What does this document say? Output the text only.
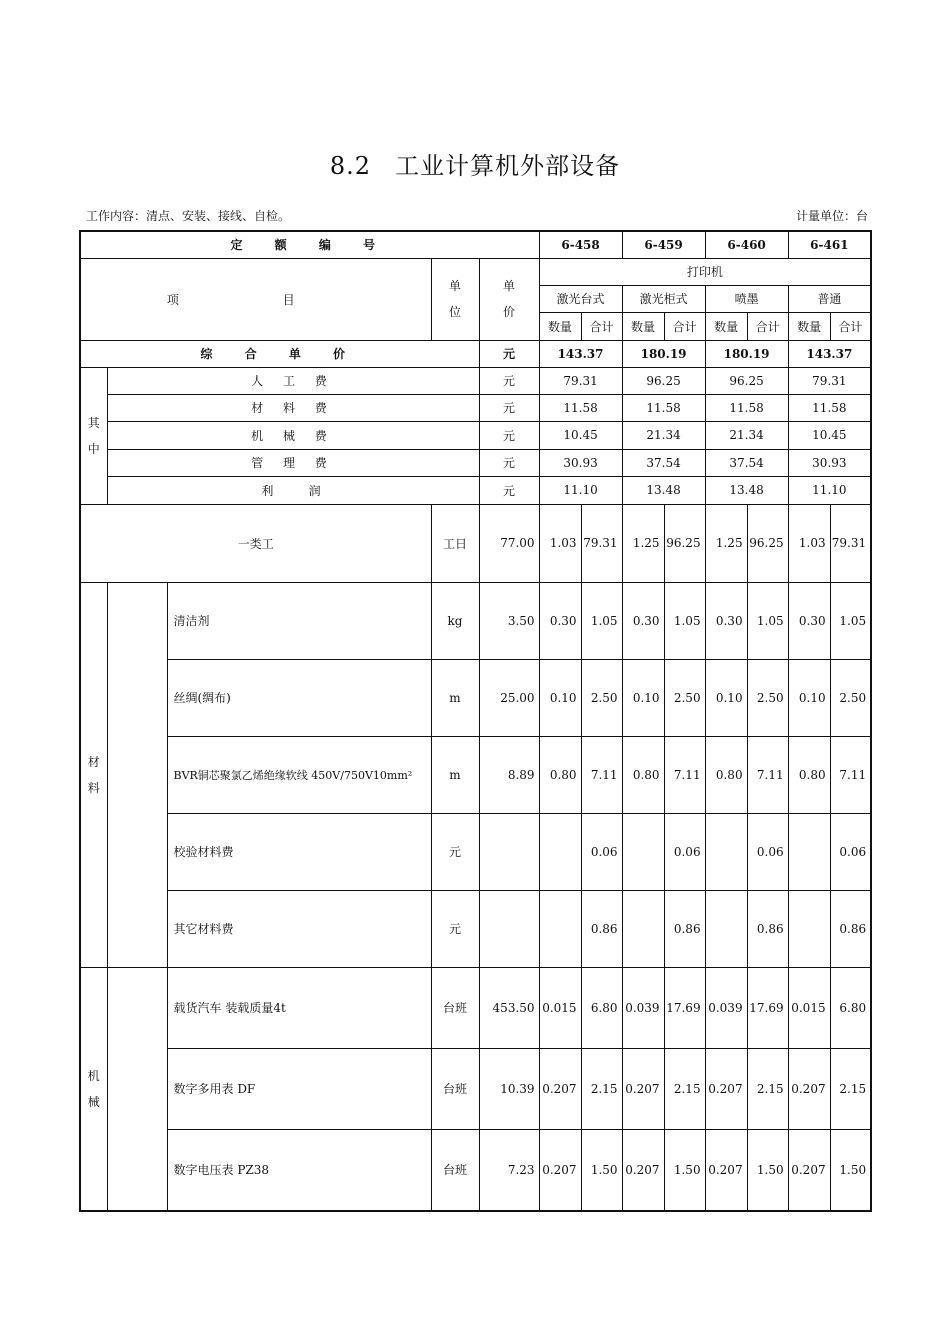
8.2 工业计算机外部设备
工作内容：清点、安装、接线、自检。	计量单位：台
定 额 编 号					6-458		6-459		6-460		6-461	
项 目			单位	单价	打印机							
					激光台式		激光柜式		喷墨		普通	
					数量	合计	数量	合计	数量	合计	数量	合计
综 合 单 价				元	143.37		180.19		180.19		143.37	
其
中	人 工 费			元	79.31		96.25		96.25		79.31	
	材 料 费			元	11.58		11.58		11.58		11.58	
	机 械 费			元	10.45		21.34		21.34		10.45	
	管 理 费			元	30.93		37.54		37.54		30.93	
	利    润			元	11.10		13.48		13.48		11.10	
一类工			工日	77.00	1.03	79.31	1.25	96.25	1.25	96.25	1.03	79.31
材
料		清洁剂	kg	3.50	0.30	1.05	0.30	1.05	0.30	1.05	0.30	1.05
		丝绸(绸布)	m	25.00	0.10	2.50	0.10	2.50	0.10	2.50	0.10	2.50
		BVR铜芯聚氯乙烯绝缘软线 450V/750V10mm²	m	8.89	0.80	7.11	0.80	7.11	0.80	7.11	0.80	7.11
		校验材料费	元			0.06		0.06		0.06		0.06
		其它材料费	元			0.86		0.86		0.86		0.86
机
械		载货汽车 装载质量4t	台班	453.50	0.015	6.80	0.039	17.69	0.039	17.69	0.015	6.80
		数字多用表 DF	台班	10.39	0.207	2.15	0.207	2.15	0.207	2.15	0.207	2.15
		数字电压表 PZ38	台班	7.23	0.207	1.50	0.207	1.50	0.207	1.50	0.207	1.50
